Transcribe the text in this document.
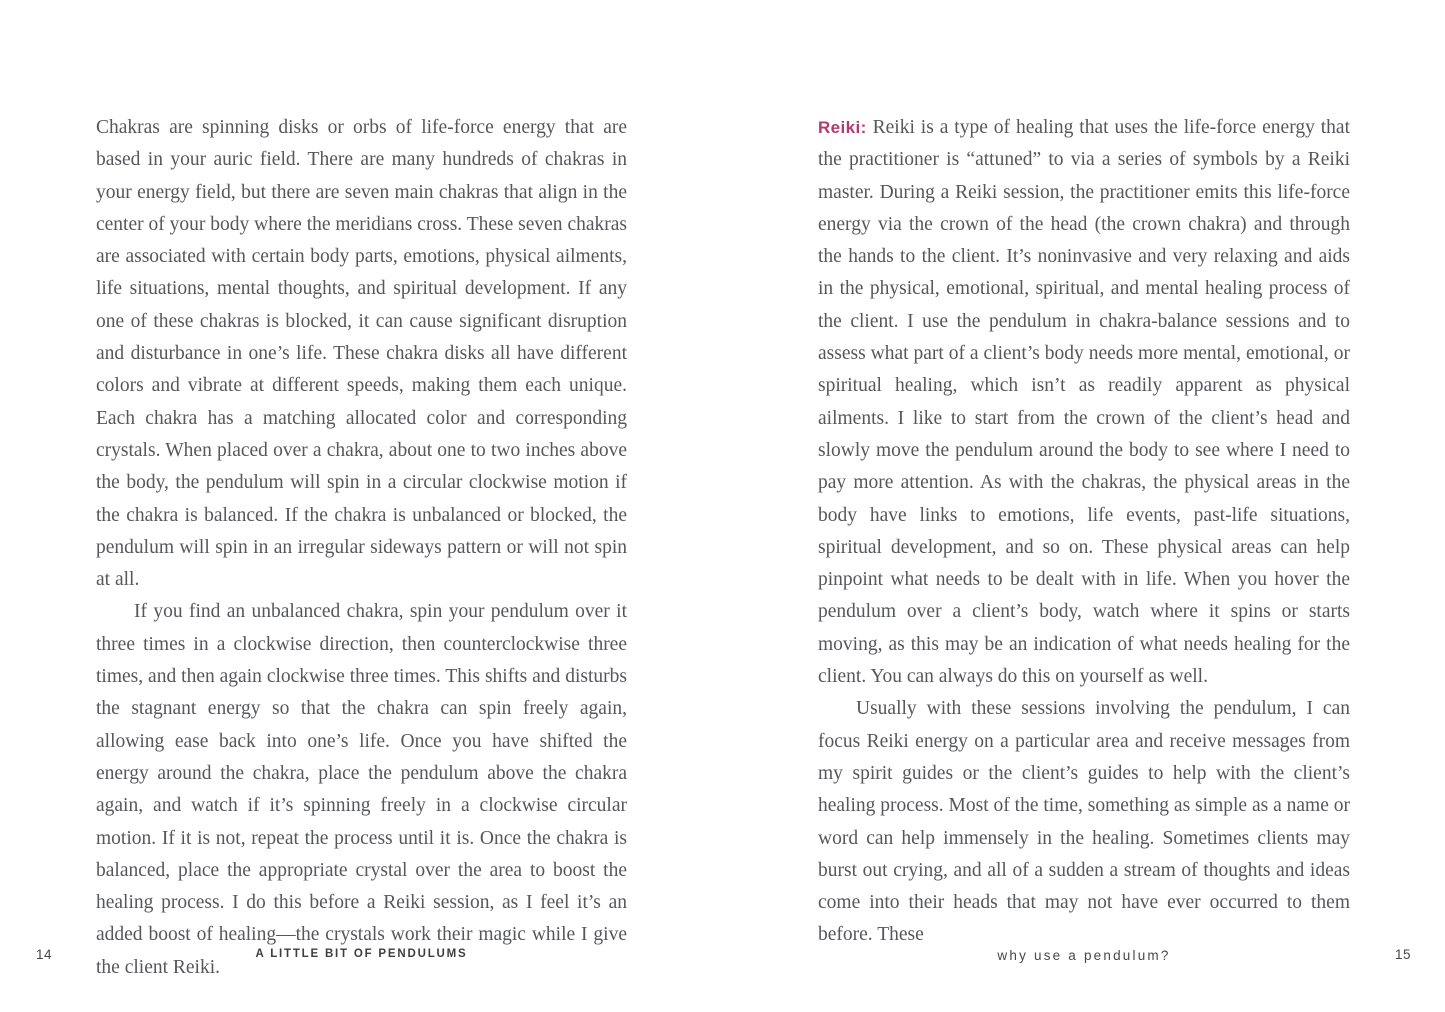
Chakras are spinning disks or orbs of life-force energy that are based in your auric field. There are many hundreds of chakras in your energy field, but there are seven main chakras that align in the center of your body where the meridians cross. These seven chakras are associated with certain body parts, emotions, physical ailments, life situations, mental thoughts, and spiritual development. If any one of these chakras is blocked, it can cause significant disruption and disturbance in one’s life. These chakra disks all have different colors and vibrate at different speeds, making them each unique. Each chakra has a matching allocated color and corresponding crystals. When placed over a chakra, about one to two inches above the body, the pendulum will spin in a circular clockwise motion if the chakra is balanced. If the chakra is unbalanced or blocked, the pendulum will spin in an irregular sideways pattern or will not spin at all.

If you find an unbalanced chakra, spin your pendulum over it three times in a clockwise direction, then counterclockwise three times, and then again clockwise three times. This shifts and disturbs the stagnant energy so that the chakra can spin freely again, allowing ease back into one’s life. Once you have shifted the energy around the chakra, place the pendulum above the chakra again, and watch if it’s spinning freely in a clockwise circular motion. If it is not, repeat the process until it is. Once the chakra is balanced, place the appropriate crystal over the area to boost the healing process. I do this before a Reiki session, as I feel it’s an added boost of healing—the crystals work their magic while I give the client Reiki.

14	A LITTLE BIT OF PENDULUMS

Reiki: Reiki is a type of healing that uses the life-force energy that the practitioner is “attuned” to via a series of symbols by a Reiki master. During a Reiki session, the practitioner emits this life-force energy via the crown of the head (the crown chakra) and through the hands to the client. It’s noninvasive and very relaxing and aids in the physical, emotional, spiritual, and mental healing process of the client. I use the pendulum in chakra-balance sessions and to assess what part of a client’s body needs more mental, emotional, or spiritual healing, which isn’t as readily apparent as physical ailments. I like to start from the crown of the client’s head and slowly move the pendulum around the body to see where I need to pay more attention. As with the chakras, the physical areas in the body have links to emotions, life events, past-life situations, spiritual development, and so on. These physical areas can help pinpoint what needs to be dealt with in life. When you hover the pendulum over a client’s body, watch where it spins or starts moving, as this may be an indication of what needs healing for the client. You can always do this on yourself as well.

Usually with these sessions involving the pendulum, I can focus Reiki energy on a particular area and receive messages from my spirit guides or the client’s guides to help with the client’s healing process. Most of the time, something as simple as a name or word can help immensely in the healing. Sometimes clients may burst out crying, and all of a sudden a stream of thoughts and ideas come into their heads that may not have ever occurred to them before. These

why use a pendulum?	15
